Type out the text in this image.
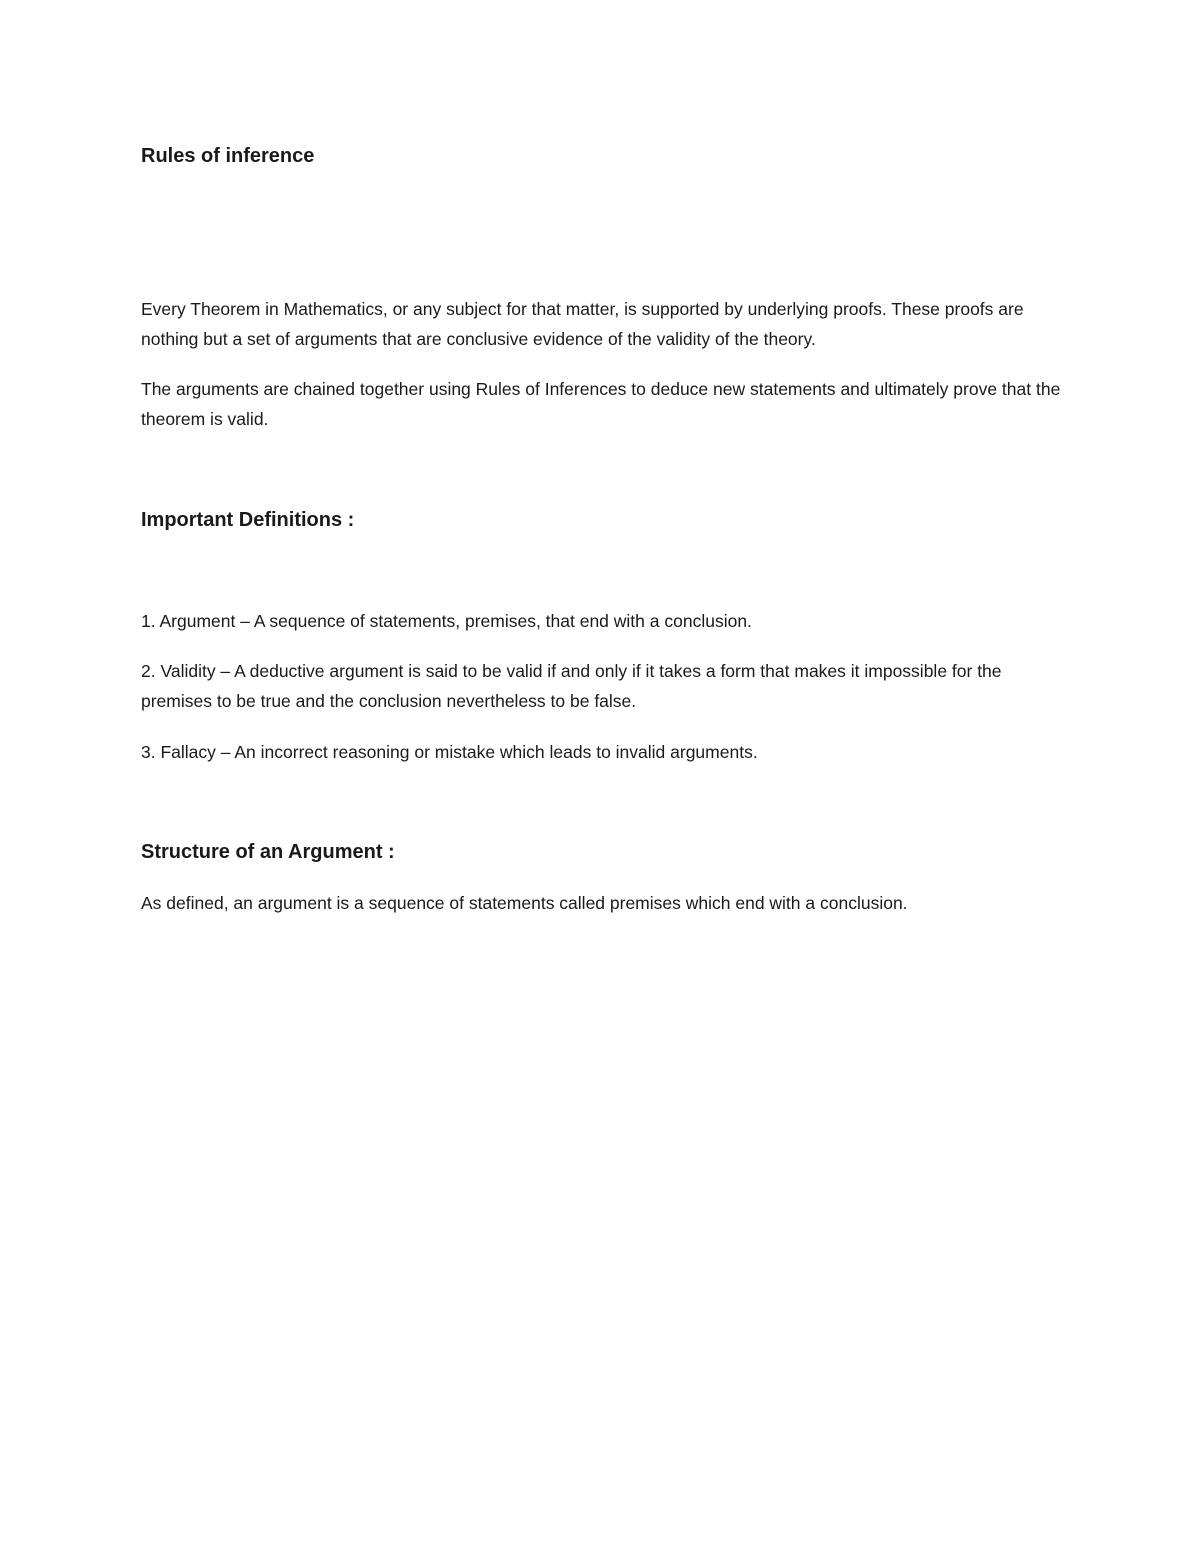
Rules of inference

Every Theorem in Mathematics, or any subject for that matter, is supported by underlying proofs. These proofs are nothing but a set of arguments that are conclusive evidence of the validity of the theory.

The arguments are chained together using Rules of Inferences to deduce new statements and ultimately prove that the theorem is valid.

Important Definitions :

1. Argument – A sequence of statements, premises, that end with a conclusion.

2. Validity – A deductive argument is said to be valid if and only if it takes a form that makes it impossible for the premises to be true and the conclusion nevertheless to be false.

3. Fallacy – An incorrect reasoning or mistake which leads to invalid arguments.

Structure of an Argument :

As defined, an argument is a sequence of statements called premises which end with a conclusion.
